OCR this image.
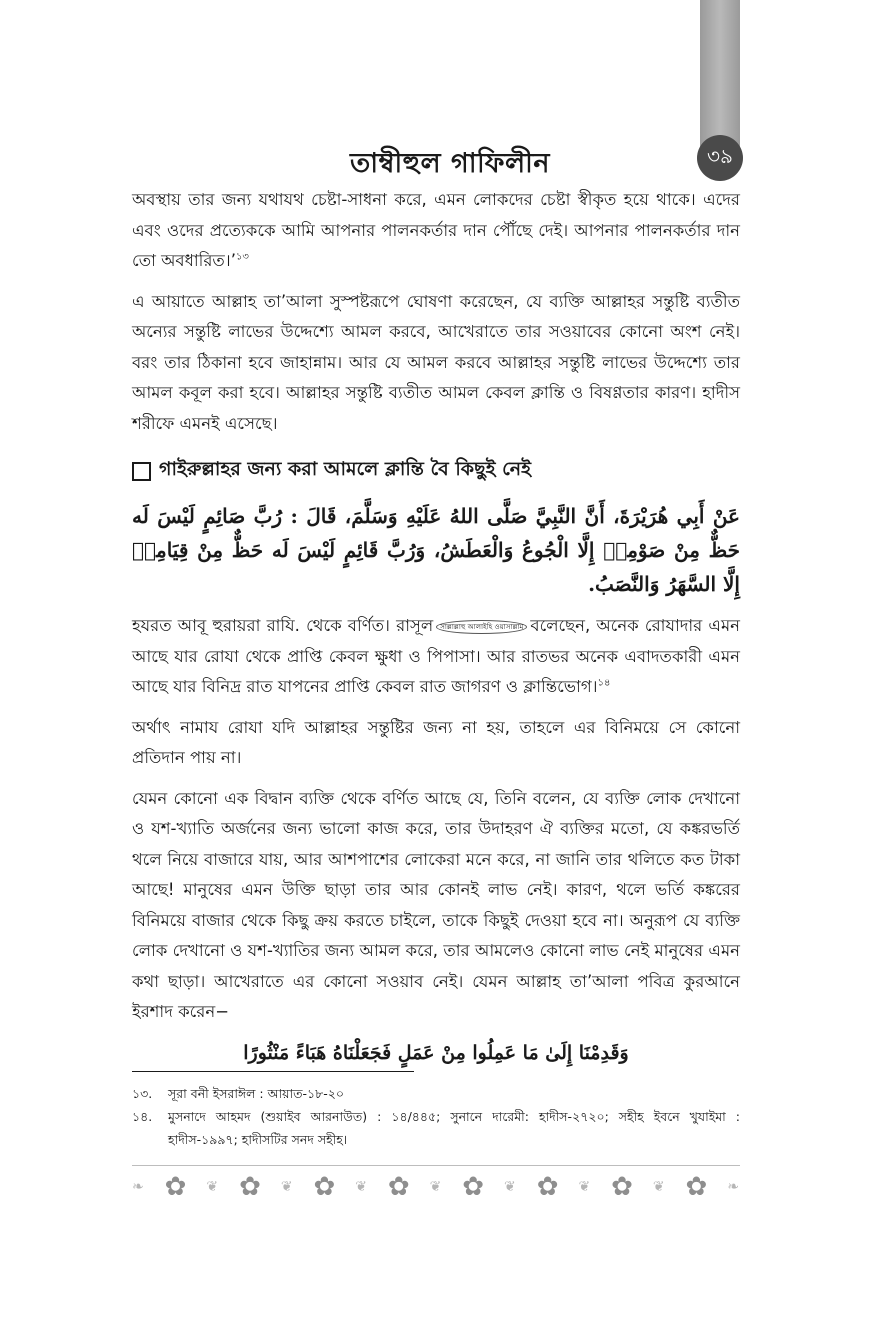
৩৯
তাম্বীহুল গাফিলীন

অবস্থায় তার জন্য যথাযথ চেষ্টা-সাধনা করে, এমন লোকদের চেষ্টা স্বীকৃত হয়ে থাকে। এদের এবং ওদের প্রত্যেককে আমি আপনার পালনকর্তার দান পৌঁছে দেই। আপনার পালনকর্তার দান তো অবধারিত।’$^{১৩}$

এ আয়াতে আল্লাহ তা’আলা সুস্পষ্টরূপে ঘোষণা করেছেন, যে ব্যক্তি আল্লাহর সন্তুষ্টি ব্যতীত অন্যের সন্তুষ্টি লাভের উদ্দেশ্যে আমল করবে, আখেরাতে তার সওয়াবের কোনো অংশ নেই। বরং তার ঠিকানা হবে জাহান্নাম। আর যে আমল করবে আল্লাহর সন্তুষ্টি লাভের উদ্দেশ্যে তার আমল কবূল করা হবে। আল্লাহর সন্তুষ্টি ব্যতীত আমল কেবল ক্লান্তি ও বিষণ্ণতার কারণ। হাদীস শরীফে এমনই এসেছে।

গাইরুল্লাহর জন্য করা আমলে ক্লান্তি বৈ কিছুই নেই
عَنْ أَبِي هُرَيْرَةَ، أَنَّ النَّبِيَّ صَلَّى اللهُ عَلَيْهِ وَسَلَّمَ، قَالَ : رُبَّ صَائِمٍ لَيْسَ لَه حَظٌّ مِنْ صَوْمِهٖ إِلَّا الْجُوعُ وَالْعَطَشُ، وَرُبَّ قَائِمٍ لَيْسَ لَه حَظٌّ مِنْ قِيَامِهٖ إِلَّا السَّهَرُ وَالنَّصَبُ.

হযরত আবূ হুরায়রা রাযি. থেকে বর্ণিত। রাসূল সাল্লাল্লাহু আলাইহি ওয়াসাল্লাম বলেছেন, অনেক রোযাদার এমন আছে যার রোযা থেকে প্রাপ্তি কেবল ক্ষুধা ও পিপাসা। আর রাতভর অনেক এবাদতকারী এমন আছে যার বিনিদ্র রাত যাপনের প্রাপ্তি কেবল রাত জাগরণ ও ক্লান্তিভোগ।$^{১৪}$

অর্থাৎ নামায রোযা যদি আল্লাহর সন্তুষ্টির জন্য না হয়, তাহলে এর বিনিময়ে সে কোনো প্রতিদান পায় না।

যেমন কোনো এক বিদ্বান ব্যক্তি থেকে বর্ণিত আছে যে, তিনি বলেন, যে ব্যক্তি লোক দেখানো ও যশ-খ্যাতি অর্জনের জন্য ভালো কাজ করে, তার উদাহরণ ঐ ব্যক্তির মতো, যে কঙ্করভর্তি থলে নিয়ে বাজারে যায়, আর আশপাশের লোকেরা মনে করে, না জানি তার থলিতে কত টাকা আছে! মানুষের এমন উক্তি ছাড়া তার আর কোনই লাভ নেই। কারণ, থলে ভর্তি কঙ্করের বিনিময়ে বাজার থেকে কিছু ক্রয় করতে চাইলে, তাকে কিছুই দেওয়া হবে না। অনুরূপ যে ব্যক্তি লোক দেখানো ও যশ-খ্যাতির জন্য আমল করে, তার আমলেও কোনো লাভ নেই মানুষের এমন কথা ছাড়া। আখেরাতে এর কোনো সওয়াব নেই। যেমন আল্লাহ তা’আলা পবিত্র কুরআনে ইরশাদ করেন−

وَقَدِمْنَا إِلَىٰ مَا عَمِلُوا مِنْ عَمَلٍ فَجَعَلْنَاهُ هَبَاءً مَنْثُورًا
১৩.	সূরা বনী ইসরাঈল : আয়াত-১৮-২০
১৪.	মুসনাদে আহমদ (শুয়াইব আরনাউত) : ১৪/৪৪৫; সুনানে দারেমী: হাদীস-২৭২০; সহীহ ইবনে খুযাইমা : হাদীস-১৯৯৭; হাদীসটির সনদ সহীহ।
❧ ✿ ❦ ✿ ❦ ✿ ❦ ✿ ❦ ✿ ❦ ✿ ❦ ✿ ❦ ✿ ❧
